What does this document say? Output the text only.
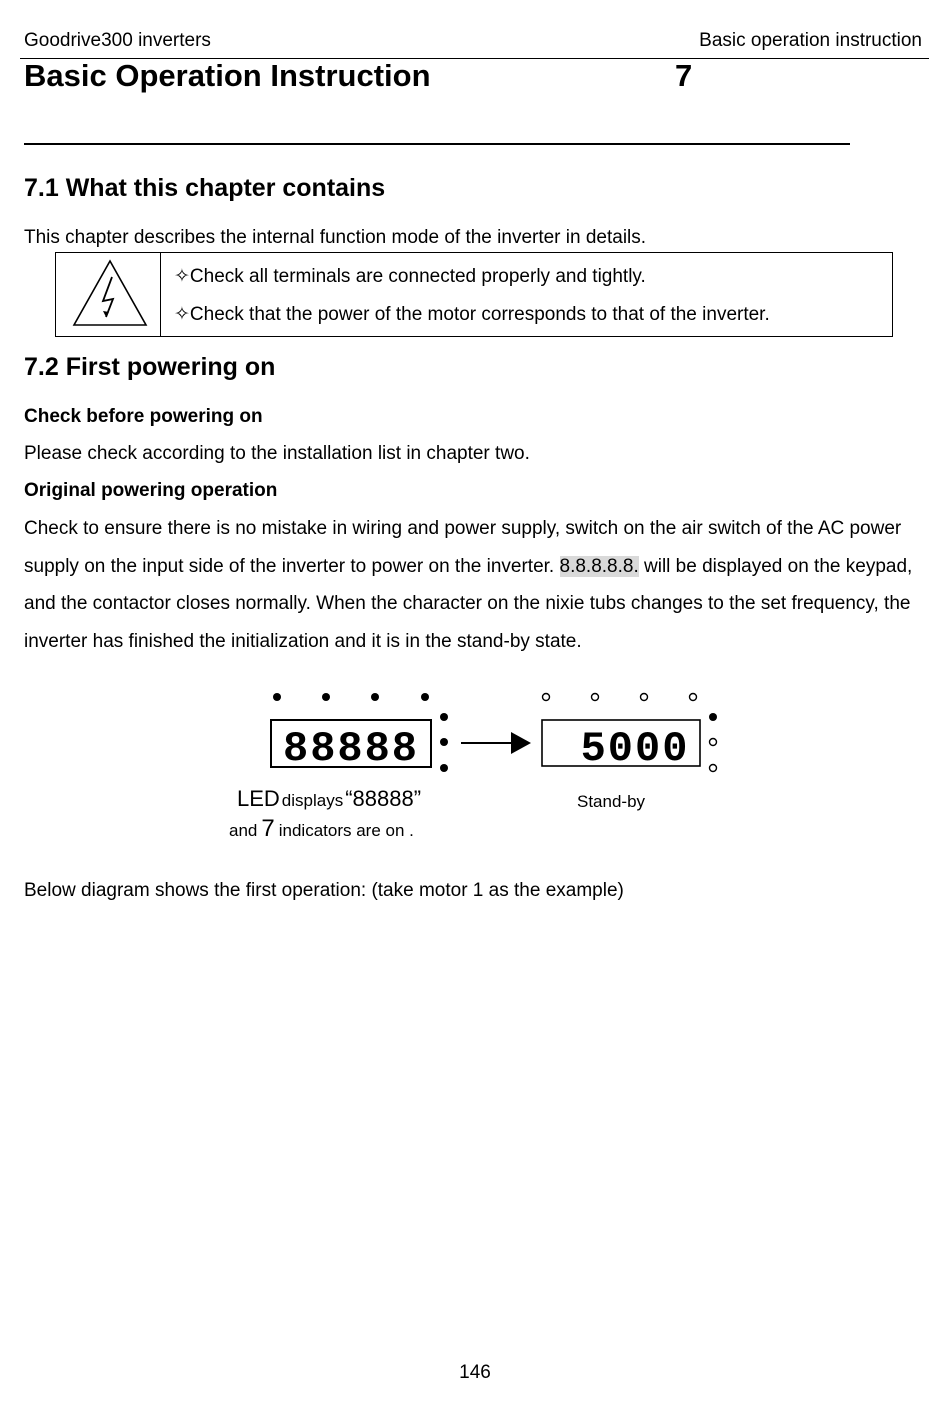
Goodrive300 inverters	Basic operation instruction
Basic Operation Instruction	7
7.1 What this chapter contains
This chapter describes the internal function mode of the inverter in details.
✧Check all terminals are connected properly and tightly.
✧Check that the power of the motor corresponds to that of the inverter.
7.2 First powering on
Check before powering on
Please check according to the installation list in chapter two.
Original powering operation
Check to ensure there is no mistake in wiring and power supply, switch on the air switch of the AC power supply on the input side of the inverter to power on the inverter. 8.8.8.8.8. will be displayed on the keypad, and the contactor closes normally. When the character on the nixie tubs changes to the set frequency, the inverter has finished the initialization and it is in the stand-by state.
88888	5000
LED displays“88888”
and 7 indicators are on .
Stand-by
Below diagram shows the first operation: (take motor 1 as the example)
146
